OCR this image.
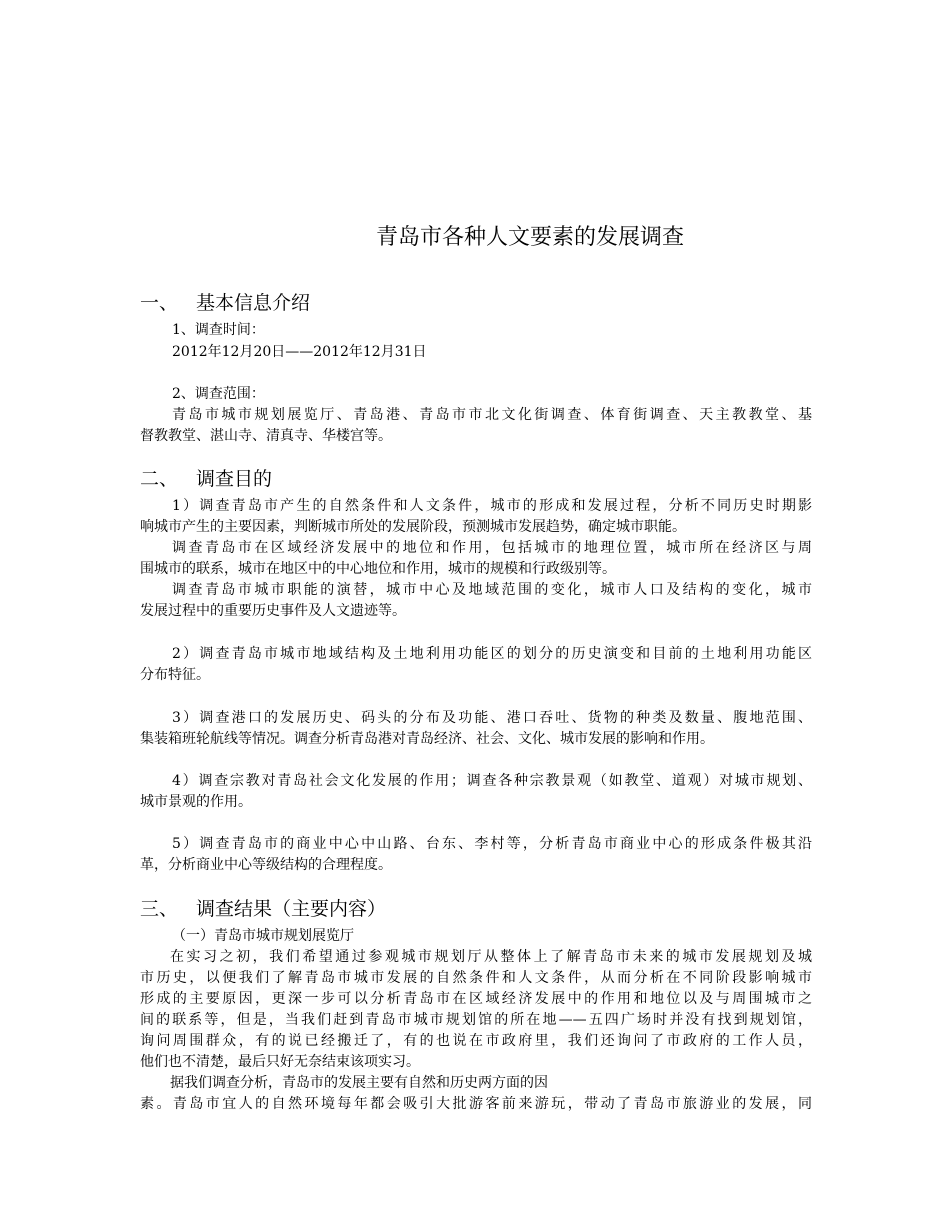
青岛市各种人文要素的发展调查
一、 基本信息介绍
1、调查时间：
2012年12月20日——2012年12月31日
2、调查范围：
青岛市城市规划展览厅、青岛港、青岛市市北文化街调查、体育街调查、天主教教堂、基
督教教堂、湛山寺、清真寺、华楼宫等。
二、 调查目的
1）调查青岛市产生的自然条件和人文条件，城市的形成和发展过程，分析不同历史时期影
响城市产生的主要因素，判断城市所处的发展阶段，预测城市发展趋势，确定城市职能。
调查青岛市在区域经济发展中的地位和作用，包括城市的地理位置，城市所在经济区与周
围城市的联系，城市在地区中的中心地位和作用，城市的规模和行政级别等。
调查青岛市城市职能的演替，城市中心及地域范围的变化，城市人口及结构的变化，城市
发展过程中的重要历史事件及人文遗迹等。
2）调查青岛市城市地域结构及土地利用功能区的划分的历史演变和目前的土地利用功能区
分布特征。
3）调查港口的发展历史、码头的分布及功能、港口吞吐、货物的种类及数量、腹地范围、
集装箱班轮航线等情况。调查分析青岛港对青岛经济、社会、文化、城市发展的影响和作用。
4）调查宗教对青岛社会文化发展的作用；调查各种宗教景观（如教堂、道观）对城市规划、
城市景观的作用。
5）调查青岛市的商业中心中山路、台东、李村等，分析青岛市商业中心的形成条件极其沿
革，分析商业中心等级结构的合理程度。
三、 调查结果（主要内容）
（一）青岛市城市规划展览厅
在实习之初，我们希望通过参观城市规划厅从整体上了解青岛市未来的城市发展规划及城
市历史，以便我们了解青岛市城市发展的自然条件和人文条件，从而分析在不同阶段影响城市
形成的主要原因，更深一步可以分析青岛市在区域经济发展中的作用和地位以及与周围城市之
间的联系等，但是，当我们赶到青岛市城市规划馆的所在地——五四广场时并没有找到规划馆，
询问周围群众，有的说已经搬迁了，有的也说在市政府里，我们还询问了市政府的工作人员，
他们也不清楚，最后只好无奈结束该项实习。
据我们调查分析，青岛市的发展主要有自然和历史两方面的因
素。青岛市宜人的自然环境每年都会吸引大批游客前来游玩，带动了青岛市旅游业的发展，同
